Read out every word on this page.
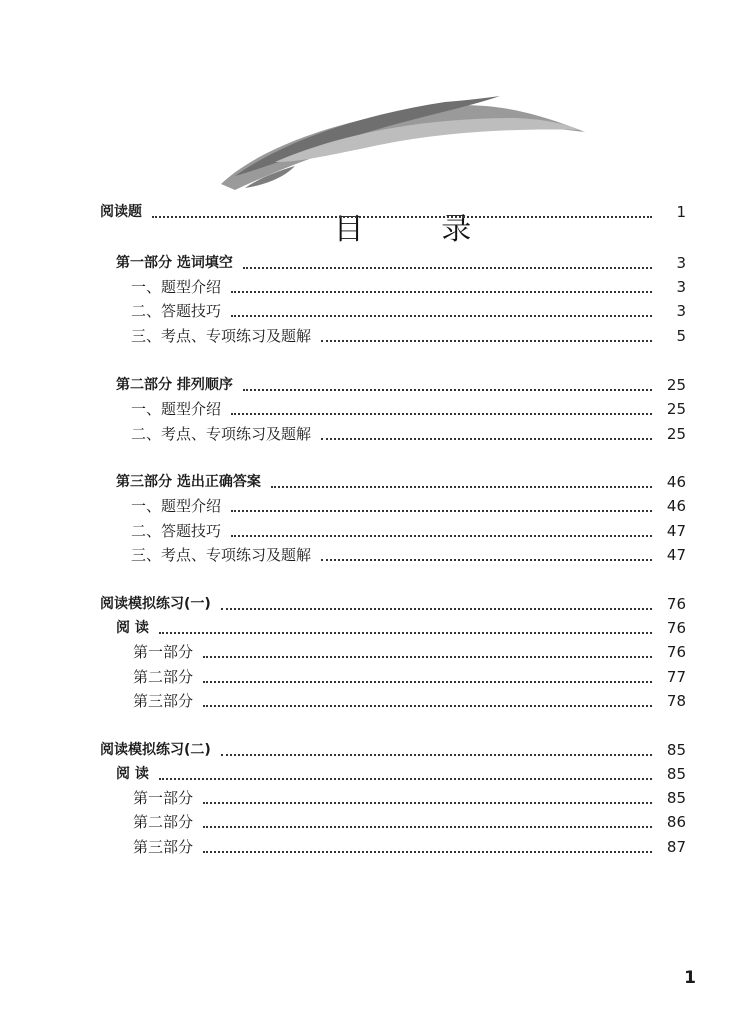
目 录
阅读题	1
第一部分 选词填空	3
一、题型介绍	3
二、答题技巧	3
三、考点、专项练习及题解	5
第二部分 排列顺序	25
一、题型介绍	25
二、考点、专项练习及题解	25
第三部分 选出正确答案	46
一、题型介绍	46
二、答题技巧	47
三、考点、专项练习及题解	47
阅读模拟练习(一)	76
阅 读	76
第一部分	76
第二部分	77
第三部分	78
阅读模拟练习(二)	85
阅 读	85
第一部分	85
第二部分	86
第三部分	87
1
